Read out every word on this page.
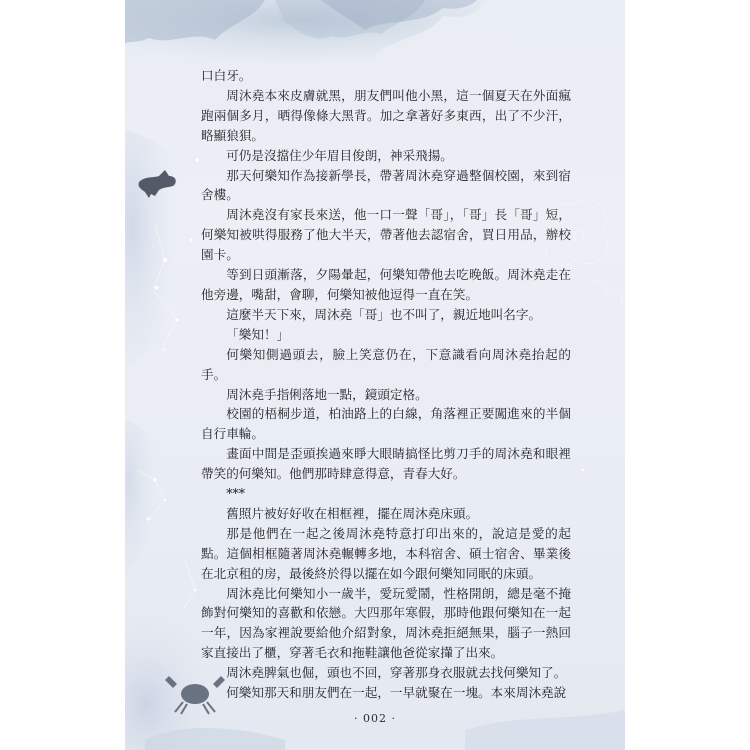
✦
✧
✦

口白牙。

周沐堯本來皮膚就黑，朋友們叫他小黑，這一個夏天在外面瘋跑兩個多月，晒得像條大黑背。加之拿著好多東西，出了不少汗，略顯狼狽。

可仍是沒擋住少年眉目俊朗，神采飛揚。

那天何樂知作為接新學長，帶著周沐堯穿過整個校園，來到宿舍樓。

周沐堯沒有家長來送，他一口一聲「哥」，「哥」長「哥」短，何樂知被哄得服務了他大半天，帶著他去認宿舍，買日用品，辦校園卡。

等到日頭漸落，夕陽暈起，何樂知帶他去吃晚飯。周沐堯走在他旁邊，嘴甜，會聊，何樂知被他逗得一直在笑。

這麼半天下來，周沐堯「哥」也不叫了，親近地叫名字。

「樂知！」

何樂知側過頭去，臉上笑意仍在，下意識看向周沐堯抬起的手。

周沐堯手指俐落地一點，鏡頭定格。

校園的梧桐步道，柏油路上的白線，角落裡正要闖進來的半個自行車輪。

畫面中間是歪頭挨過來睜大眼睛搞怪比剪刀手的周沐堯和眼裡帶笑的何樂知。他們那時肆意得意，青春大好。

***

舊照片被好好收在相框裡，擺在周沐堯床頭。

那是他們在一起之後周沐堯特意打印出來的，說這是愛的起點。這個相框隨著周沐堯輾轉多地，本科宿舍、碩士宿舍、畢業後在北京租的房，最後終於得以擺在如今跟何樂知同眠的床頭。

周沐堯比何樂知小一歲半，愛玩愛鬧，性格開朗，總是毫不掩飾對何樂知的喜歡和依戀。大四那年寒假，那時他跟何樂知在一起一年，因為家裡說要給他介紹對象，周沐堯拒絕無果，腦子一熱回家直接出了櫃，穿著毛衣和拖鞋讓他爸從家攆了出來。

周沐堯脾氣也倔，頭也不回，穿著那身衣服就去找何樂知了。

何樂知那天和朋友們在一起，一早就聚在一塊。本來周沐堯說

· 002 ·
